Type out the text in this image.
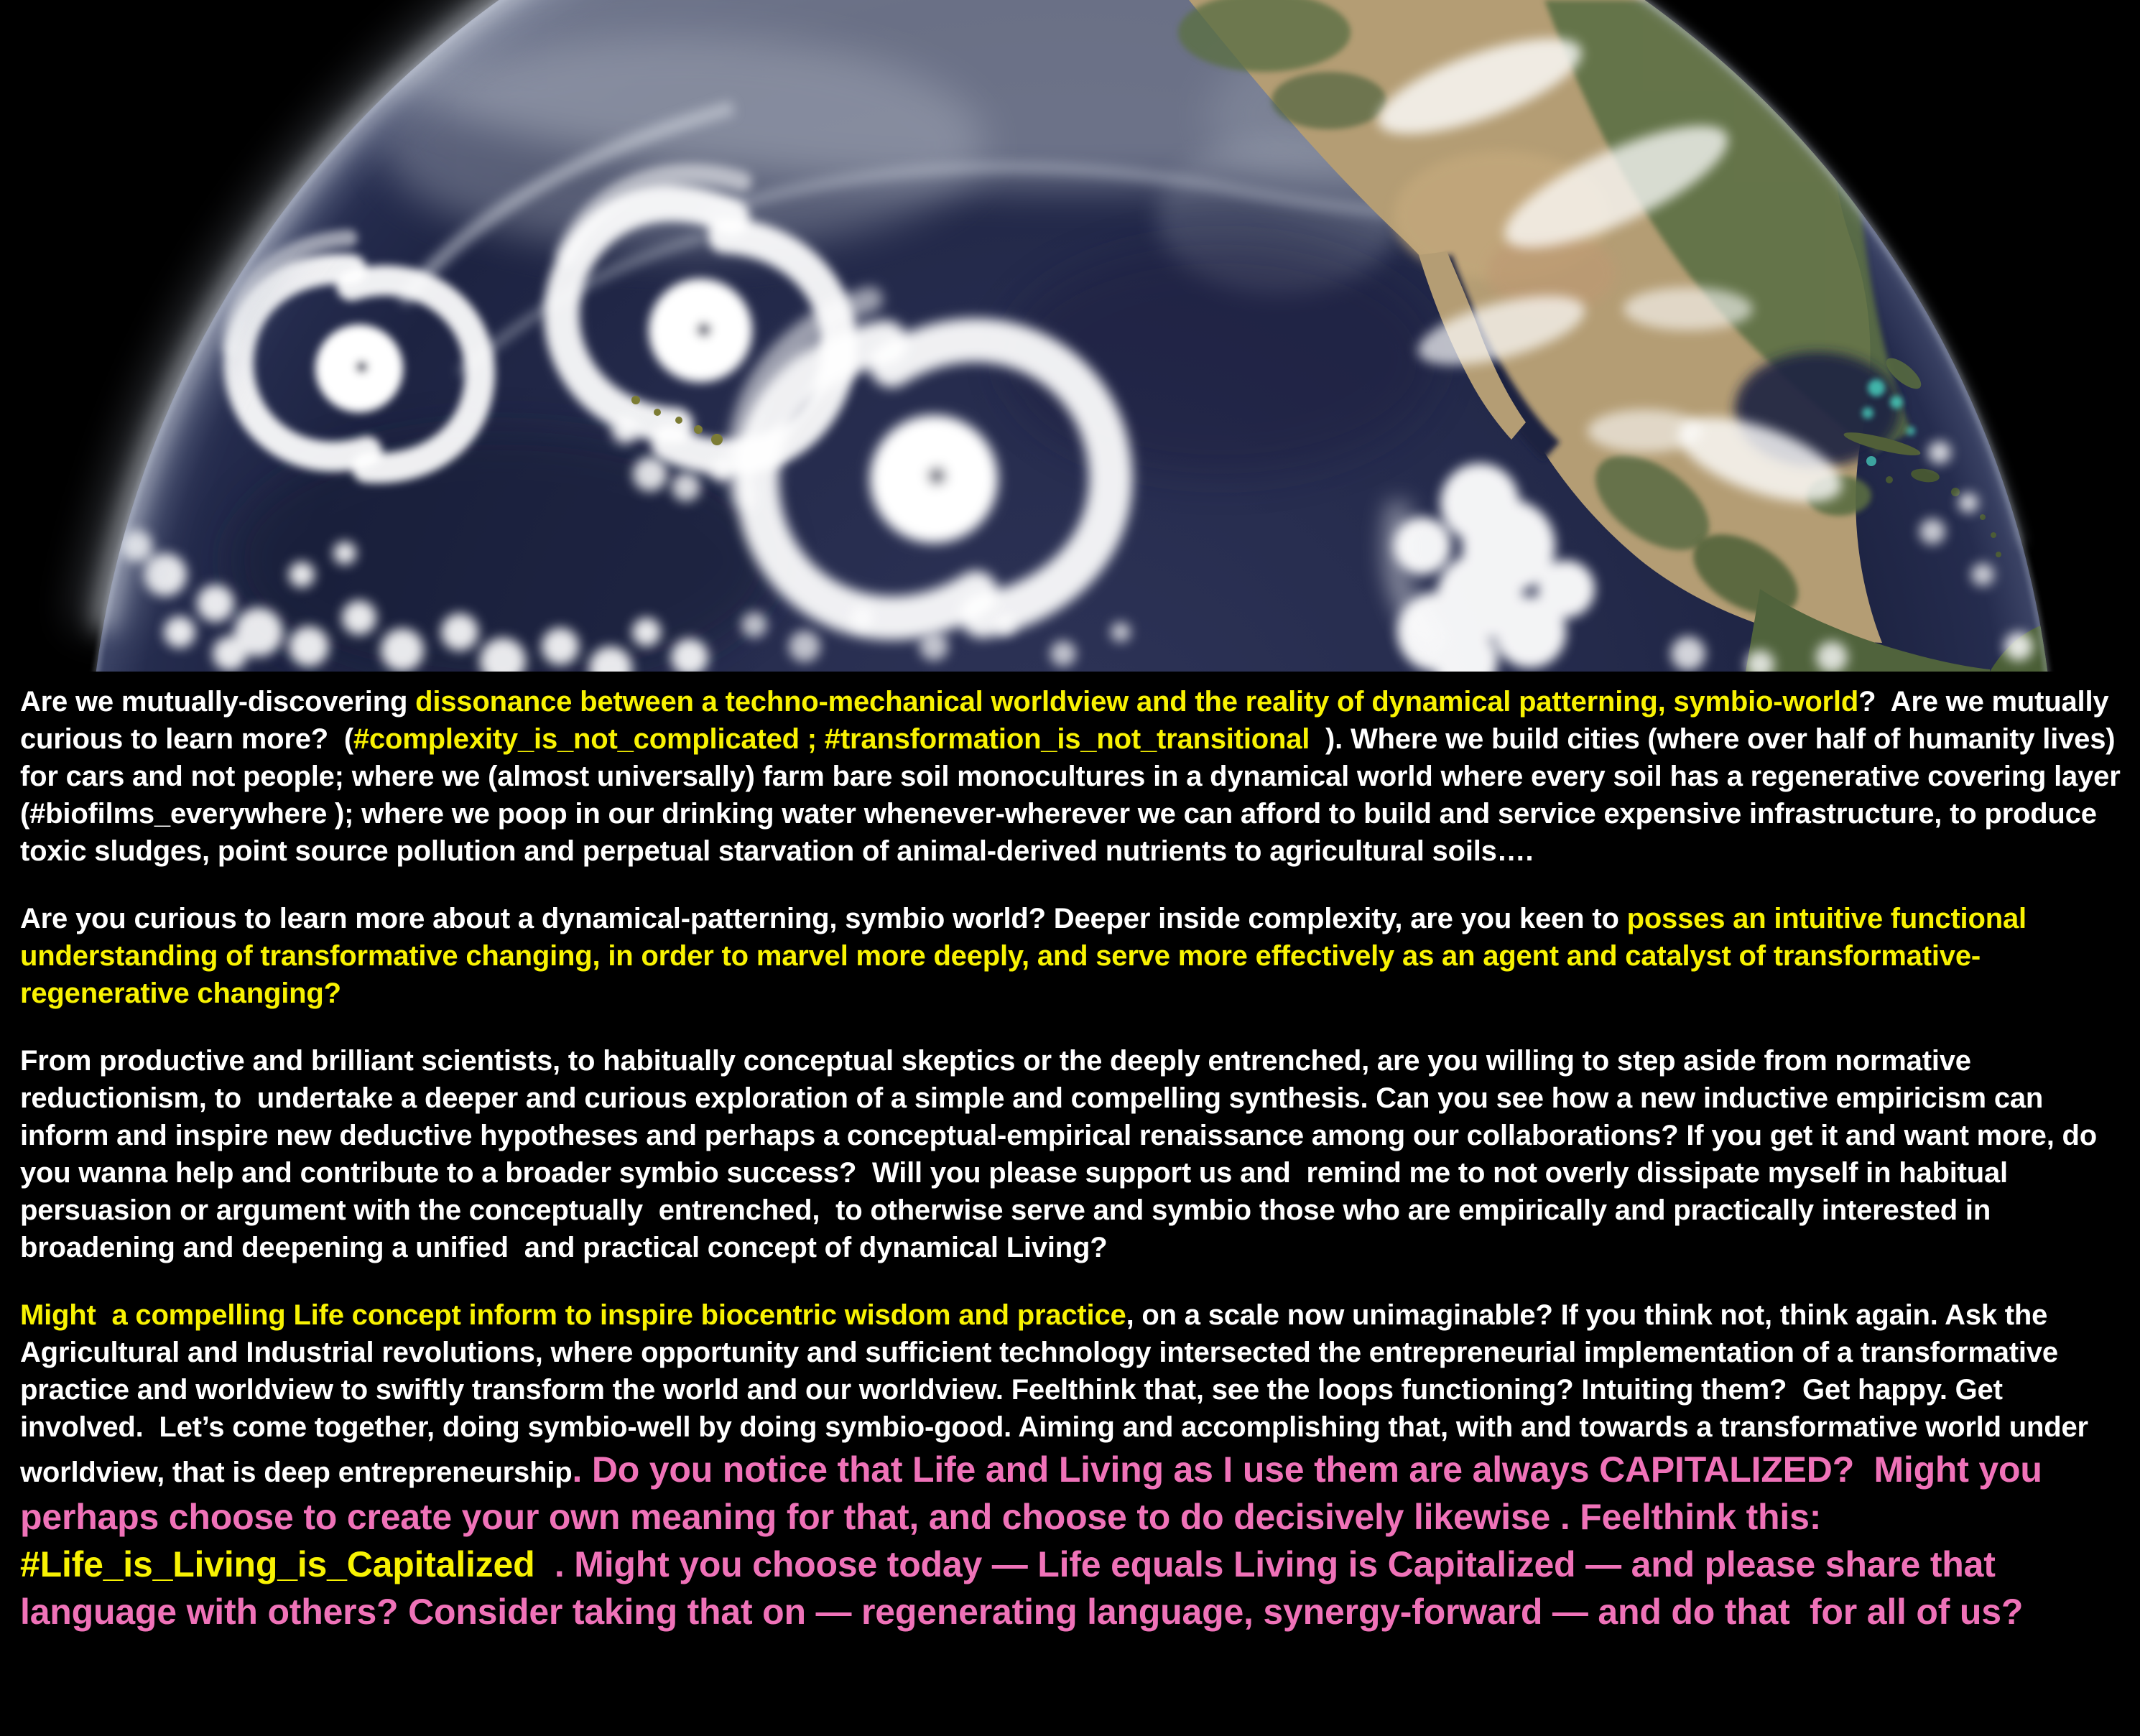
Are we mutually-discovering dissonance between a techno-mechanical worldview and the reality of dynamical patterning, symbio-world?  Are we mutually curious to learn more?  (#complexity_is_not_complicated ; #transformation_is_not_transitional  ). Where we build cities (where over half of humanity lives) for cars and not people; where we (almost universally) farm bare soil monocultures in a dynamical world where every soil has a regenerative covering layer (#biofilms_everywhere ); where we poop in our drinking water whenever-wherever we can afford to build and service expensive infrastructure, to produce toxic sludges, point source pollution and perpetual starvation of animal-derived nutrients to agricultural soils….

Are you curious to learn more about a dynamical-patterning, symbio world? Deeper inside complexity, are you keen to posses an intuitive functional understanding of transformative changing, in order to marvel more deeply, and serve more effectively as an agent and catalyst of transformative-regenerative changing?

From productive and brilliant scientists, to habitually conceptual skeptics or the deeply entrenched, are you willing to step aside from normative reductionism, to  undertake a deeper and curious exploration of a simple and compelling synthesis. Can you see how a new inductive empiricism can inform and inspire new deductive hypotheses and perhaps a conceptual-empirical renaissance among our collaborations? If you get it and want more, do you wanna help and contribute to a broader symbio success?  Will you please support us and  remind me to not overly dissipate myself in habitual persuasion or argument with the conceptually  entrenched,  to otherwise serve and symbio those who are empirically and practically interested in broadening and deepening a unified  and practical concept of dynamical Living?

Might  a compelling Life concept inform to inspire biocentric wisdom and practice, on a scale now unimaginable? If you think not, think again. Ask the Agricultural and Industrial revolutions, where opportunity and sufficient technology intersected the entrepreneurial implementation of a transformative practice and worldview to swiftly transform the world and our worldview. Feelthink that, see the loops functioning? Intuiting them?  Get happy. Get involved.  Let’s come together, doing symbio-well by doing symbio-good. Aiming and accomplishing that, with and towards a transformative world under worldview, that is deep entrepreneurship. Do you notice that Life and Living as I use them are always CAPITALIZED?  Might you perhaps choose to create your own meaning for that, and choose to do decisively likewise . Feelthink this:  #Life_is_Living_is_Capitalized  . Might you choose today — Life equals Living is Capitalized — and please share that language with others? Consider taking that on — regenerating language, synergy-forward — and do that  for all of us?
